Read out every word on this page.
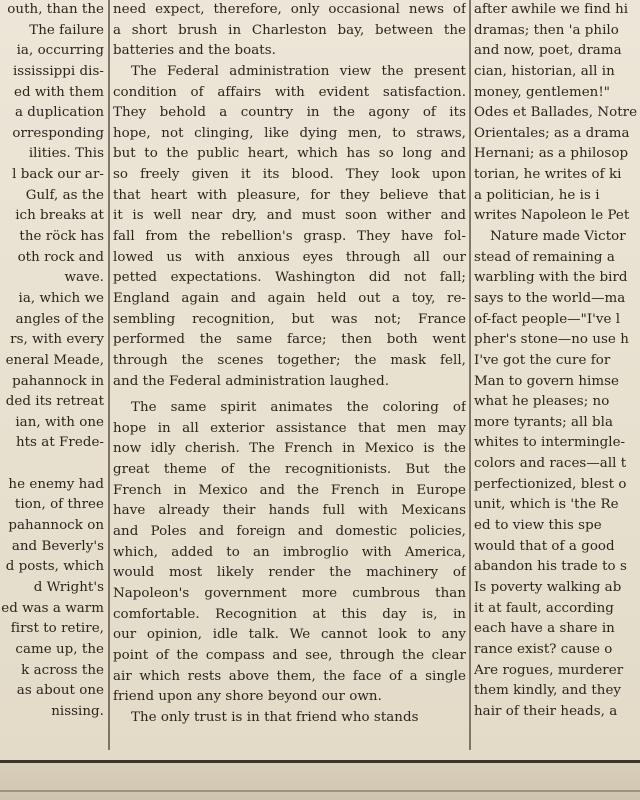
outh, than the
The failure
ia, occurring
ississippi dis-
ed with them
a duplication
orresponding
ilities. This
l back our ar-
Gulf, as the
ich breaks at
the röck has
oth rock and
wave.
ia, which we
angles of the
rs, with every
eneral Meade,
pahannock in
ded its retreat
ian, with one
hts at Frede-
he enemy had
tion, of three
pahannock on
and Beverly's
d posts, which
d Wright's
ed was a warm
first to retire,
came up, the
k across the
as about one
nissing.
need expect, therefore, only occasional news of
a short brush in Charleston bay, between the
batteries and the boats.
The Federal administration view the present
condition of affairs with evident satisfaction.
They behold a country in the agony of its
hope, not clinging, like dying men, to straws,
but to the public heart, which has so long and
so freely given it its blood. They look upon
that heart with pleasure, for they believe that
it is well near dry, and must soon wither and
fall from the rebellion's grasp. They have fol-
lowed us with anxious eyes through all our
petted expectations. Washington did not fall;
England again and again held out a toy, re-
sembling recognition, but was not; France
performed the same farce; then both went
through the scenes together; the mask fell,
and the Federal administration laughed.
The same spirit animates the coloring of
hope in all exterior assistance that men may
now idly cherish. The French in Mexico is the
great theme of the recognitionists. But the
French in Mexico and the French in Europe
have already their hands full with Mexicans
and Poles and foreign and domestic policies,
which, added to an imbroglio with America,
would most likely render the machinery of
Napoleon's government more cumbrous than
comfortable. Recognition at this day is, in
our opinion, idle talk. We cannot look to any
point of the compass and see, through the clear
air which rests above them, the face of a single
friend upon any shore beyond our own.
The only trust is in that friend who stands
after awhile we find hi
dramas; then 'a philo
and now, poet, drama
cian, historian, all in
money, gentlemen!"
Odes et Ballades, Notre
Orientales; as a drama
Hernani; as a philosop
torian, he writes of ki
a politician, he is i
writes Napoleon le Pet
Nature made Victor
stead of remaining a
warbling with the bird
says to the world—ma
of-fact people—"I've l
pher's stone—no use h
I've got the cure for
Man to govern himse
what he pleases; no
more tyrants; all bla
whites to intermingle-
colors and races—all t
perfectionized, blest o
unit, which is 'the Re
ed to view this spe
would that of a good
abandon his trade to s
Is poverty walking ab
it at fault, according
each have a share in
rance exist? cause o
Are rogues, murderer
them kindly, and they
hair of their heads, a
